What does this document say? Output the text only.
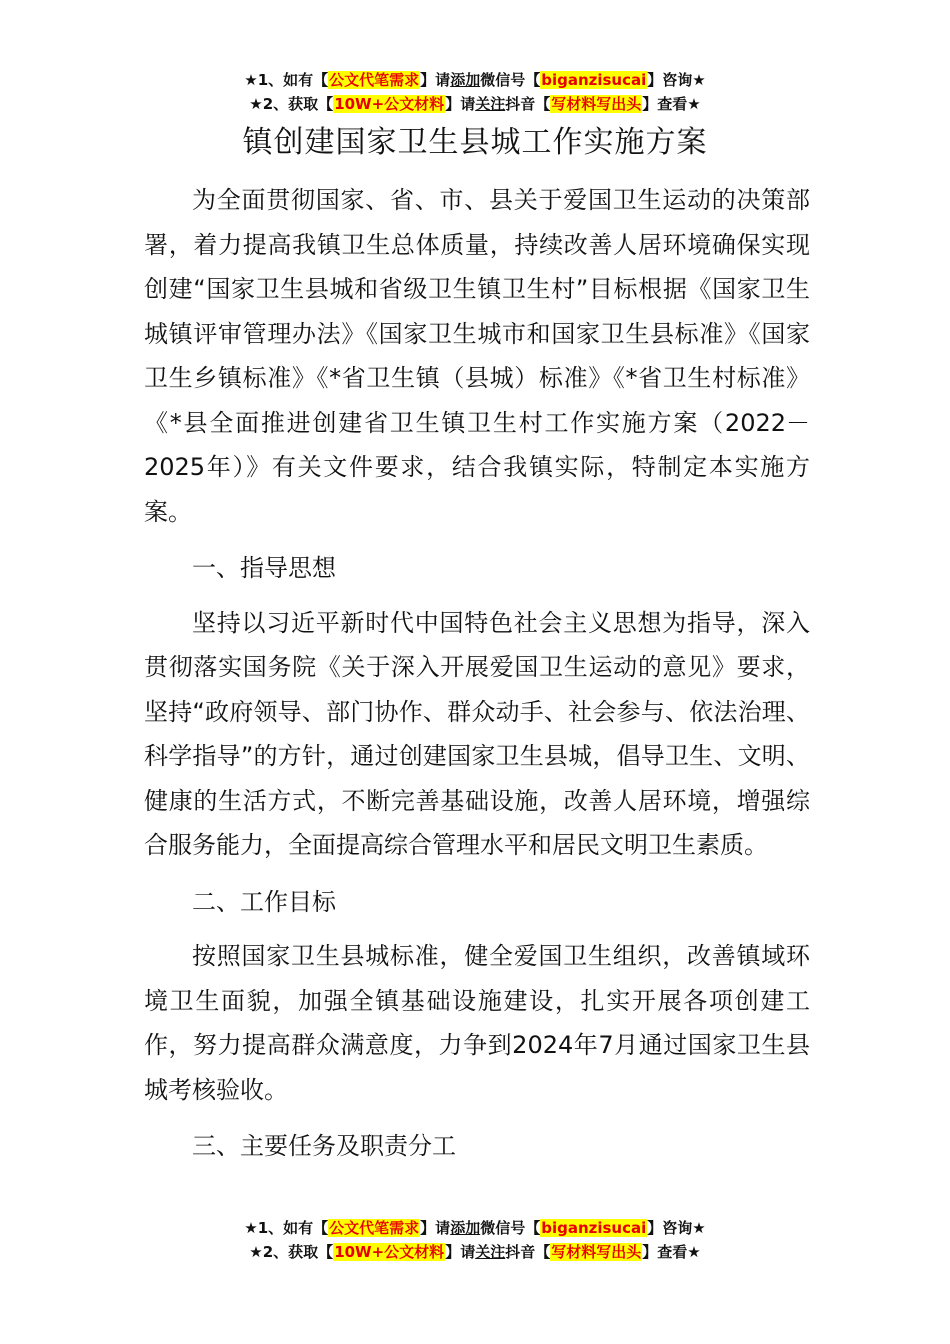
★1、如有【公文代笔需求】请添加微信号【biganzisucai】咨询★
★2、获取【10W+公文材料】请关注抖音【写材料写出头】查看★
镇创建国家卫生县城工作实施方案

为全面贯彻国家、省、市、县关于爱国卫生运动的决策部署，着力提高我镇卫生总体质量，持续改善人居环境确保实现创建“国家卫生县城和省级卫生镇卫生村”目标根据《国家卫生城镇评审管理办法》《国家卫生城市和国家卫生县标准》《国家卫生乡镇标准》《*省卫生镇（县城）标准》《*省卫生村标准》《*县全面推进创建省卫生镇卫生村工作实施方案（2022－2025年）》有关文件要求，结合我镇实际，特制定本实施方案。

一、指导思想

坚持以习近平新时代中国特色社会主义思想为指导，深入贯彻落实国务院《关于深入开展爱国卫生运动的意见》要求，坚持“政府领导、部门协作、群众动手、社会参与、依法治理、科学指导”的方针，通过创建国家卫生县城，倡导卫生、文明、健康的生活方式，不断完善基础设施，改善人居环境，增强综合服务能力，全面提高综合管理水平和居民文明卫生素质。

二、工作目标

按照国家卫生县城标准，健全爱国卫生组织，改善镇域环境卫生面貌，加强全镇基础设施建设，扎实开展各项创建工作，努力提高群众满意度，力争到2024年7月通过国家卫生县城考核验收。

三、主要任务及职责分工

★1、如有【公文代笔需求】请添加微信号【biganzisucai】咨询★
★2、获取【10W+公文材料】请关注抖音【写材料写出头】查看★
